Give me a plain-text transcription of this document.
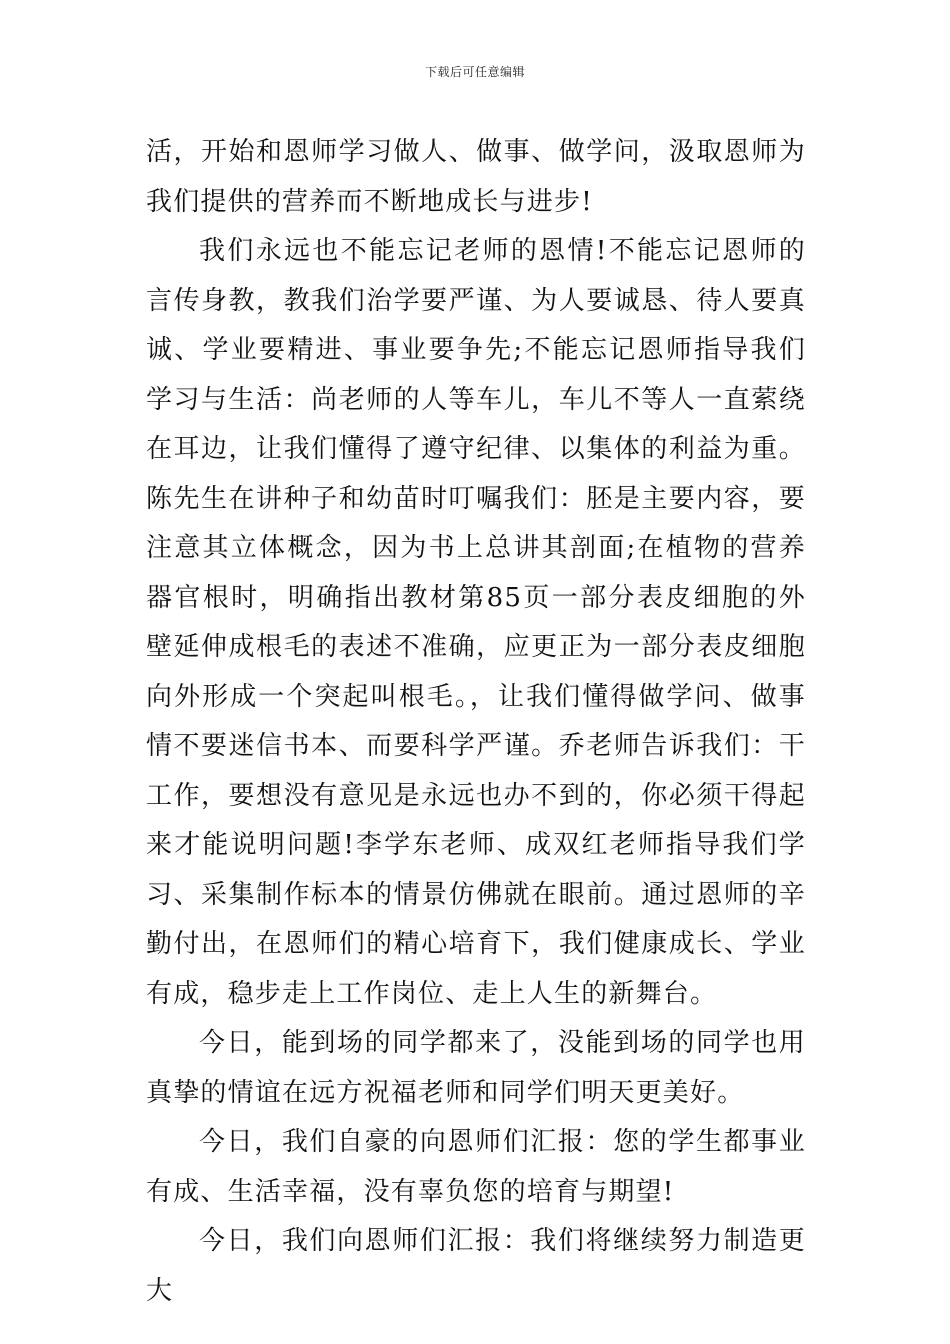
下载后可任意编辑

活，开始和恩师学习做人、做事、做学问，汲取恩师为我们提供的营养而不断地成长与进步!

我们永远也不能忘记老师的恩情!不能忘记恩师的言传身教，教我们治学要严谨、为人要诚恳、待人要真诚、学业要精进、事业要争先;不能忘记恩师指导我们学习与生活：尚老师的人等车儿，车儿不等人一直萦绕在耳边，让我们懂得了遵守纪律、以集体的利益为重。陈先生在讲种子和幼苗时叮嘱我们：胚是主要内容，要注意其立体概念，因为书上总讲其剖面;在植物的营养器官根时，明确指出教材第85页一部分表皮细胞的外壁延伸成根毛的表述不准确，应更正为一部分表皮细胞向外形成一个突起叫根毛。，让我们懂得做学问、做事情不要迷信书本、而要科学严谨。乔老师告诉我们：干工作，要想没有意见是永远也办不到的，你必须干得起来才能说明问题!李学东老师、成双红老师指导我们学习、采集制作标本的情景仿佛就在眼前。通过恩师的辛勤付出，在恩师们的精心培育下，我们健康成长、学业有成，稳步走上工作岗位、走上人生的新舞台。

今日，能到场的同学都来了，没能到场的同学也用真挚的情谊在远方祝福老师和同学们明天更美好。

今日，我们自豪的向恩师们汇报：您的学生都事业有成、生活幸福，没有辜负您的培育与期望!

今日，我们向恩师们汇报：我们将继续努力制造更大
